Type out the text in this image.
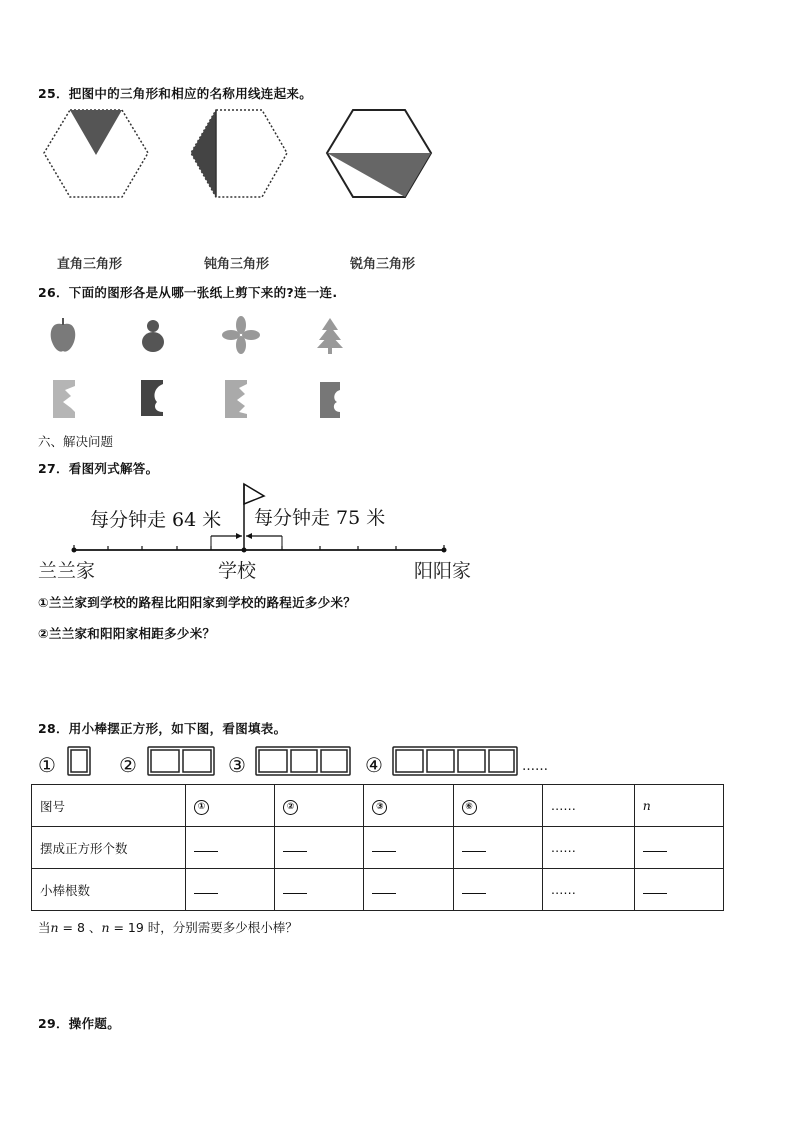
25．把图中的三角形和相应的名称用线连起来。
直角三角形	钝角三角形	锐角三角形
26．下面的图形各是从哪一张纸上剪下来的?连一连.
六、解决问题
27．看图列式解答。
每分钟走 64 米 每分钟走 75 米
兰兰家	学校	阳阳家
①兰兰家到学校的路程比阳阳家到学校的路程近多少米？
②兰兰家和阳阳家相距多少米？
28．用小棒摆正方形，如下图，看图填表。
①	②	③	④	……
图号	①	②	③	⑥	……	n
摆成正方形个数					……	
小棒根数					……	
当n = 8 、n = 19 时，分别需要多少根小棒？
29．操作题。
